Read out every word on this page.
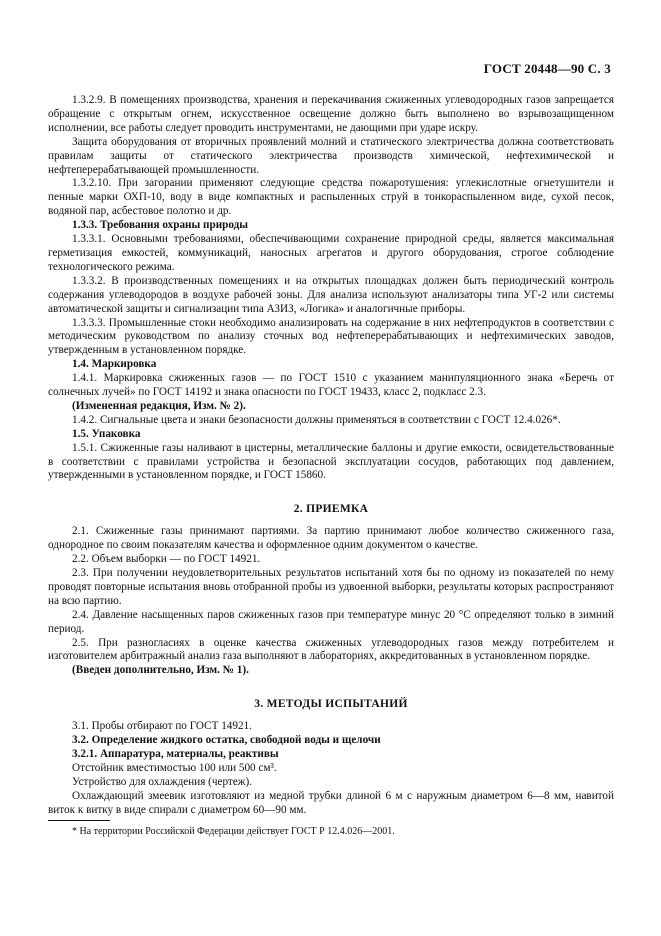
ГОСТ 20448—90 С. 3

1.3.2.9. В помещениях производства, хранения и перекачивания сжиженных углеводородных газов запрещается обращение с открытым огнем, искусственное освещение должно быть выполнено во взрывозащищенном исполнении, все работы следует проводить инструментами, не дающими при ударе искру.

Защита оборудования от вторичных проявлений молний и статического электричества должна соответствовать правилам защиты от статического электричества производств химической, нефтехимической и нефтеперерабатывающей промышленности.

1.3.2.10. При загорании применяют следующие средства пожаротушения: углекислотные огнетушители и пенные марки ОХП-10, воду в виде компактных и распыленных струй в тонкораспыленном виде, сухой песок, водяной пар, асбестовое полотно и др.

1.3.3. Требования охраны природы

1.3.3.1. Основными требованиями, обеспечивающими сохранение природной среды, является максимальная герметизация емкостей, коммуникаций, наносных агрегатов и другого оборудования, строгое соблюдение технологического режима.

1.3.3.2. В производственных помещениях и на открытых площадках должен быть периодический контроль содержания углеводородов в воздухе рабочей зоны. Для анализа используют анализаторы типа УГ-2 или системы автоматической защиты и сигнализации типа АЗИЗ, «Логика» и аналогичные приборы.

1.3.3.3. Промышленные стоки необходимо анализировать на содержание в них нефтепродуктов в соответствии с методическим руководством по анализу сточных вод нефтеперерабатывающих и нефтехимических заводов, утвержденным в установленном порядке.

1.4. Маркировка

1.4.1. Маркировка сжиженных газов — по ГОСТ 1510 с указанием манипуляционного знака «Беречь от солнечных лучей» по ГОСТ 14192 и знака опасности по ГОСТ 19433, класс 2, подкласс 2.3.

(Измененная редакция, Изм. № 2).

1.4.2. Сигнальные цвета и знаки безопасности должны применяться в соответствии с ГОСТ 12.4.026*.

1.5. Упаковка

1.5.1. Сжиженные газы наливают в цистерны, металлические баллоны и другие емкости, освидетельствованные в соответствии с правилами устройства и безопасной эксплуатации сосудов, работающих под давлением, утвержденными в установленном порядке, и ГОСТ 15860.

2. ПРИЕМКА

2.1. Сжиженные газы принимают партиями. За партию принимают любое количество сжиженного газа, однородное по своим показателям качества и оформленное одним документом о качестве.

2.2. Объем выборки — по ГОСТ 14921.

2.3. При получении неудовлетворительных результатов испытаний хотя бы по одному из показателей по нему проводят повторные испытания вновь отобранной пробы из удвоенной выборки, результаты которых распространяют на всю партию.

2.4. Давление насыщенных паров сжиженных газов при температуре минус 20 °С определяют только в зимний период.

2.5. При разногласиях в оценке качества сжиженных углеводородных газов между потребителем и изготовителем арбитражный анализ газа выполняют в лабораториях, аккредитованных в установленном порядке.

(Введен дополнительно, Изм. № 1).

3. МЕТОДЫ ИСПЫТАНИЙ

3.1. Пробы отбирают по ГОСТ 14921.

3.2. Определение жидкого остатка, свободной воды и щелочи

3.2.1. Аппаратура, материалы, реактивы

Отстойник вместимостью 100 или 500 см³.

Устройство для охлаждения (чертеж).

Охлаждающий змеевик изготовляют из медной трубки длиной 6 м с наружным диаметром 6—8 мм, навитой виток к витку в виде спирали с диаметром 60—90 мм.

* На территории Российской Федерации действует ГОСТ Р 12.4.026—2001.
